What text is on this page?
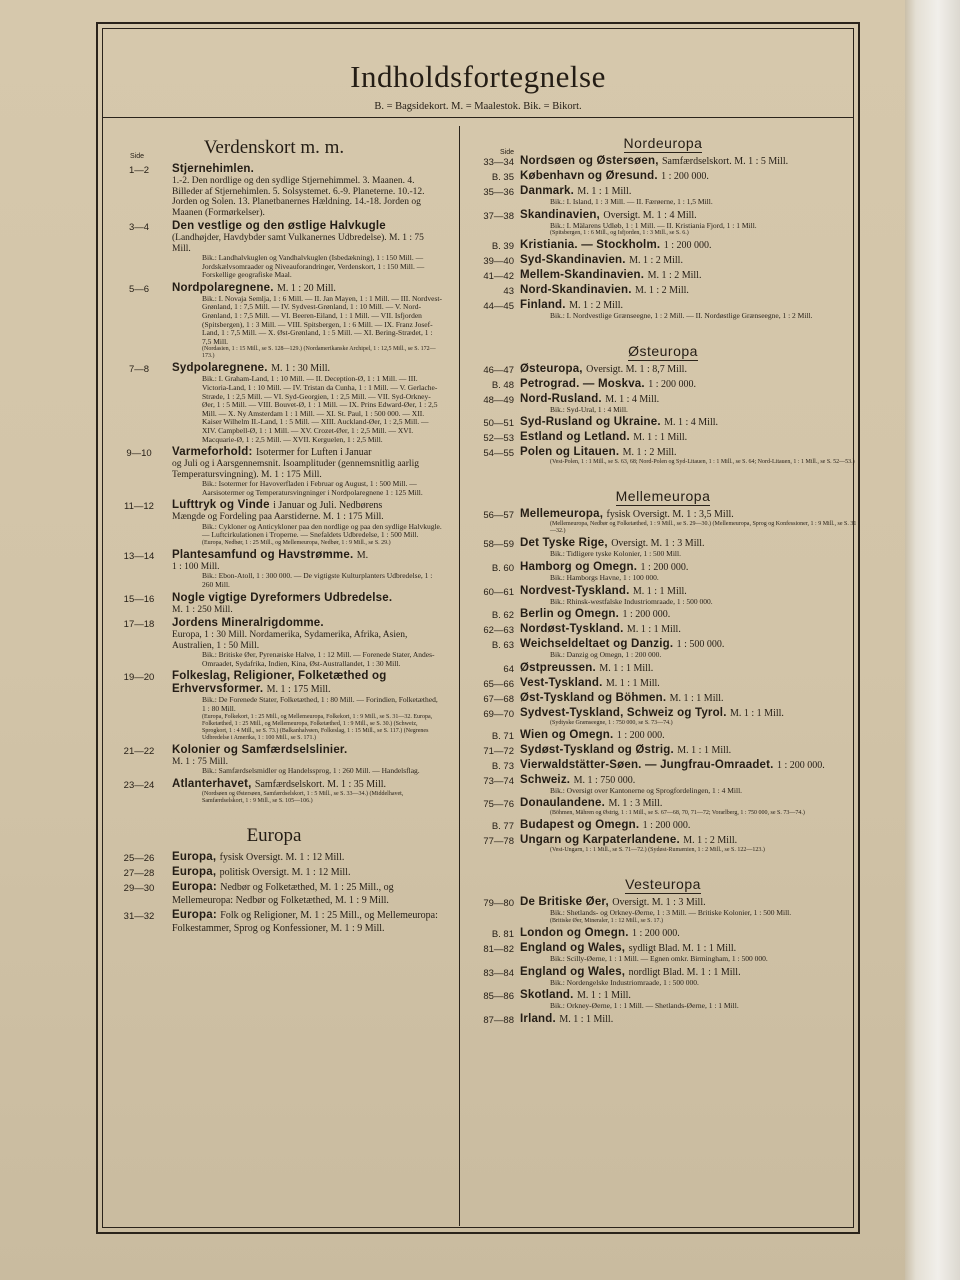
Indholdsfortegnelse
B. = Bagsidekort. M. = Maalestok. Bik. = Bikort.
Side	Verdenskort m. m.
1—2	Stjernehimlen.
1.-2. Den nordlige og den sydlige Stjernehimmel. 3. Maanen. 4. Billeder af Stjernehimlen. 5. Solsystemet. 6.-9. Planeterne. 10.-12. Jorden og Solen. 13. Planetbanernes Hældning. 14.-18. Jorden og Maanen (Formørkelser).
3—4	Den vestlige og den østlige Halvkugle
(Landhøjder, Havdybder samt Vulkanernes Udbredelse). M. 1 : 75 Mill.
Bik.: Landhalvkuglen og Vandhalvkuglen (Isbedækning), 1 : 150 Mill. — Jordskælvsomraader og Niveauforandringer, Verdenskort, 1 : 150 Mill. — Forskellige geografiske Maal.
5—6	Nordpolaregnene. M. 1 : 20 Mill.
Bik.: I. Novaja Semlja, 1 : 6 Mill. — II. Jan Mayen, 1 : 1 Mill. — III. Nordvest-Grønland, 1 : 7,5 Mill. — IV. Sydvest-Grønland, 1 : 10 Mill. — V. Nord-Grønland, 1 : 7,5 Mill. — VI. Beeren-Eiland, 1 : 1 Mill. — VII. Isfjorden (Spitsbergen), 1 : 3 Mill. — VIII. Spitsbergen, 1 : 6 Mill. — IX. Franz Josef-Land, 1 : 7,5 Mill. — X. Øst-Grønland, 1 : 5 Mill. — XI. Bering-Strædet, 1 : 7,5 Mill.
(Nordasien, 1 : 15 Mill., se S. 128—129.) (Nordamerikanske Archipel, 1 : 12,5 Mill., se S. 172—173.)
7—8	Sydpolaregnene. M. 1 : 30 Mill.
Bik.: I. Graham-Land, 1 : 10 Mill. — II. Deception-Ø, 1 : 1 Mill. — III. Victoria-Land, 1 : 10 Mill. — IV. Tristan da Cunha, 1 : 1 Mill. — V. Gerlache-Stræde, 1 : 2,5 Mill. — VI. Syd-Georgien, 1 : 2,5 Mill. — VII. Syd-Orkney-Øer, 1 : 5 Mill. — VIII. Bouvet-Ø, 1 : 1 Mill. — IX. Prins Edward-Øer, 1 : 2,5 Mill. — X. Ny Amsterdam 1 : 1 Mill. — XI. St. Paul, 1 : 500 000. — XII. Kaiser Wilhelm II.-Land, 1 : 5 Mill. — XIII. Auckland-Øer, 1 : 2,5 Mill. — XIV. Campbell-Ø, 1 : 1 Mill. — XV. Crozet-Øer, 1 : 2,5 Mill. — XVI. Macquarie-Ø, 1 : 2,5 Mill. — XVII. Kerguelen, 1 : 2,5 Mill.
9—10	Varmeforhold: Isotermer for Luften i Januar
og Juli og i Aarsgennemsnit. Isoamplituder (gennemsnitlig aarlig Temperatursvingning). M. 1 : 175 Mill.
Bik.: Isotermer for Havoverfladen i Februar og August, 1 : 500 Mill. — Aarsisotermer og Temperatursvingninger i Nordpolaregnene 1 : 125 Mill.
11—12	Lufttryk og Vinde i Januar og Juli. Nedbørens
Mængde og Fordeling paa Aarstiderne. M. 1 : 175 Mill.
Bik.: Cykloner og Anticykloner paa den nordlige og paa den sydlige Halvkugle. — Luftcirkulationen i Troperne. — Snefaldets Udbredelse, 1 : 500 Mill.
(Europa, Nedbør, 1 : 25 Mill., og Mellemeuropa, Nedbør, 1 : 9 Mill., se S. 29.)
13—14	Plantesamfund og Havstrømme. M.
1 : 100 Mill.
Bik.: Ebon-Atoll, 1 : 300 000. — De vigtigste Kulturplanters Udbredelse, 1 : 260 Mill.
15—16	Nogle vigtige Dyreformers Udbredelse.
M. 1 : 250 Mill.
17—18	Jordens Mineralrigdomme.
Europa, 1 : 30 Mill. Nordamerika, Sydamerika, Afrika, Asien, Australien, 1 : 50 Mill.
Bik.: Britiske Øer, Pyrenæiske Halvø, 1 : 12 Mill. — Forenede Stater, Andes-Omraadet, Sydafrika, Indien, Kina, Øst-Australlandet, 1 : 30 Mill.
19—20	Folkeslag, Religioner, Folketæthed og Erhvervsformer. M. 1 : 175 Mill.
Bik.: De Forenede Stater, Folketæthed, 1 : 80 Mill. — Forindien, Folketæthed, 1 : 80 Mill.
(Europa, Folkekort, 1 : 25 Mill., og Mellemeuropa, Folkekort, 1 : 9 Mill., se S. 31—32. Europa, Folketæthed, 1 : 25 Mill., og Mellemeuropa, Folketæthed, 1 : 9 Mill., se S. 30.) (Schweiz, Sprogkort, 1 : 4 Mill., se S. 73.) (Balkanhalvøen, Folkeslag, 1 : 15 Mill., se S. 117.) (Negrenes Udbredelse i Amerika, 1 : 100 Mill., se S. 171.)
21—22	Kolonier og Samfærdselslinier.
M. 1 : 75 Mill.
Bik.: Samfærdselsmidler og Handelssprog, 1 : 260 Mill. — Handelsflag.
23—24	Atlanterhavet, Samfærdselskort. M. 1 : 35 Mill.
(Nordsøen og Østersøen, Samfærdselskort, 1 : 5 Mill., se S. 33—34.) (Middelhavet, Samfærdselskort, 1 : 9 Mill., se S. 105—106.)
Europa
25—26	Europa, fysisk Oversigt. M. 1 : 12 Mill.
27—28	Europa, politisk Oversigt. M. 1 : 12 Mill.
29—30	Europa: Nedbør og Folketæthed, M. 1 : 25 Mill., og Mellemeuropa: Nedbør og Folketæthed, M. 1 : 9 Mill.
31—32	Europa: Folk og Religioner, M. 1 : 25 Mill., og Mellemeuropa: Folkestammer, Sprog og Konfessioner, M. 1 : 9 Mill.
Side
Nordeuropa
33—34 Nordsøen og Østersøen, Samfærdselskort. M. 1 : 5 Mill.
B. 35 København og Øresund. 1 : 200 000.
35—36 Danmark. M. 1 : 1 Mill.
Bik.: I. Island, 1 : 3 Mill. — II. Færøerne, 1 : 1,5 Mill.
37—38 Skandinavien, Oversigt. M. 1 : 4 Mill.
Bik.: I. Mälarens Udløb, 1 : 1 Mill. — II. Kristiania Fjord, 1 : 1 Mill.
(Spitsbergen, 1 : 6 Mill., og Isfjorden, 1 : 3 Mill., se S. 6.)
B. 39 Kristiania. — Stockholm. 1 : 200 000.
39—40 Syd-Skandinavien. M. 1 : 2 Mill.
41—42 Mellem-Skandinavien. M. 1 : 2 Mill.
43 Nord-Skandinavien. M. 1 : 2 Mill.
44—45 Finland. M. 1 : 2 Mill.
Bik.: I. Nordvestlige Grænseegne, 1 : 2 Mill. — II. Nordøstlige Grænseegne, 1 : 2 Mill.
Østeuropa
46—47 Østeuropa, Oversigt. M. 1 : 8,7 Mill.
B. 48 Petrograd. — Moskva. 1 : 200 000.
48—49 Nord-Rusland. M. 1 : 4 Mill.
Bik.: Syd-Ural, 1 : 4 Mill.
50—51 Syd-Rusland og Ukraine. M. 1 : 4 Mill.
52—53 Estland og Letland. M. 1 : 1 Mill.
54—55 Polen og Litauen. M. 1 : 2 Mill.
(Vest-Polen, 1 : 1 Mill., se S. 63, 68; Nord-Polen og Syd-Litauen, 1 : 1 Mill., se S. 64; Nord-Litauen, 1 : 1 Mill., se S. 52—53.)
Mellemeuropa
56—57 Mellemeuropa, fysisk Oversigt. M. 1 : 3,5 Mill.
(Mellemeuropa, Nedbør og Folketæthed, 1 : 9 Mill., se S. 29—30.) (Mellemeuropa, Sprog og Konfessioner, 1 : 9 Mill., se S. 31—32.)
58—59 Det Tyske Rige, Oversigt. M. 1 : 3 Mill.
Bik.: Tidligere tyske Kolonier, 1 : 500 Mill.
B. 60 Hamborg og Omegn. 1 : 200 000.
Bik.: Hamborgs Havne, 1 : 100 000.
60—61 Nordvest-Tyskland. M. 1 : 1 Mill.
Bik.: Rhinsk-westfalske Industriomraade, 1 : 500 000.
B. 62 Berlin og Omegn. 1 : 200 000.
62—63 Nordøst-Tyskland. M. 1 : 1 Mill.
B. 63 Weichseldeltaet og Danzig. 1 : 500 000.
Bik.: Danzig og Omegn, 1 : 200 000.
64 Østpreussen. M. 1 : 1 Mill.
65—66 Vest-Tyskland. M. 1 : 1 Mill.
67—68 Øst-Tyskland og Böhmen. M. 1 : 1 Mill.
69—70 Sydvest-Tyskland, Schweiz og Tyrol. M. 1 : 1 Mill.
(Sydtyske Grænseegne, 1 : 750 000, se S. 73—74.)
B. 71 Wien og Omegn. 1 : 200 000.
71—72 Sydøst-Tyskland og Østrig. M. 1 : 1 Mill.
B. 73 Vierwaldstätter-Søen. — Jungfrau-Omraadet. 1 : 200 000.
73—74 Schweiz. M. 1 : 750 000.
Bik.: Oversigt over Kantonerne og Sprogfordelingen, 1 : 4 Mill.
75—76 Donaulandene. M. 1 : 3 Mill.
(Böhmen, Mähren og Østrig, 1 : 1 Mill., se S. 67—68, 70, 71—72; Vorarlberg, 1 : 750 000, se S. 73—74.)
B. 77 Budapest og Omegn. 1 : 200 000.
77—78 Ungarn og Karpaterlandene. M. 1 : 2 Mill.
(Vest-Ungarn, 1 : 1 Mill., se S. 71—72.) (Sydøst-Rumænien, 1 : 2 Mill., se S. 122—123.)
Vesteuropa
79—80 De Britiske Øer, Oversigt. M. 1 : 3 Mill.
Bik.: Shetlands- og Orkney-Øerne, 1 : 3 Mill. — Britiske Kolonier, 1 : 500 Mill.
(Britiske Øer, Mineraler, 1 : 12 Mill., se S. 17.)
B. 81 London og Omegn. 1 : 200 000.
81—82 England og Wales, sydligt Blad. M. 1 : 1 Mill.
Bik.: Scilly-Øerne, 1 : 1 Mill. — Egnen omkr. Birmingham, 1 : 500 000.
83—84 England og Wales, nordligt Blad. M. 1 : 1 Mill.
Bik.: Nordengelske Industriomraade, 1 : 500 000.
85—86 Skotland. M. 1 : 1 Mill.
Bik.: Orkney-Øerne, 1 : 1 Mill. — Shetlands-Øerne, 1 : 1 Mill.
87—88 Irland. M. 1 : 1 Mill.
